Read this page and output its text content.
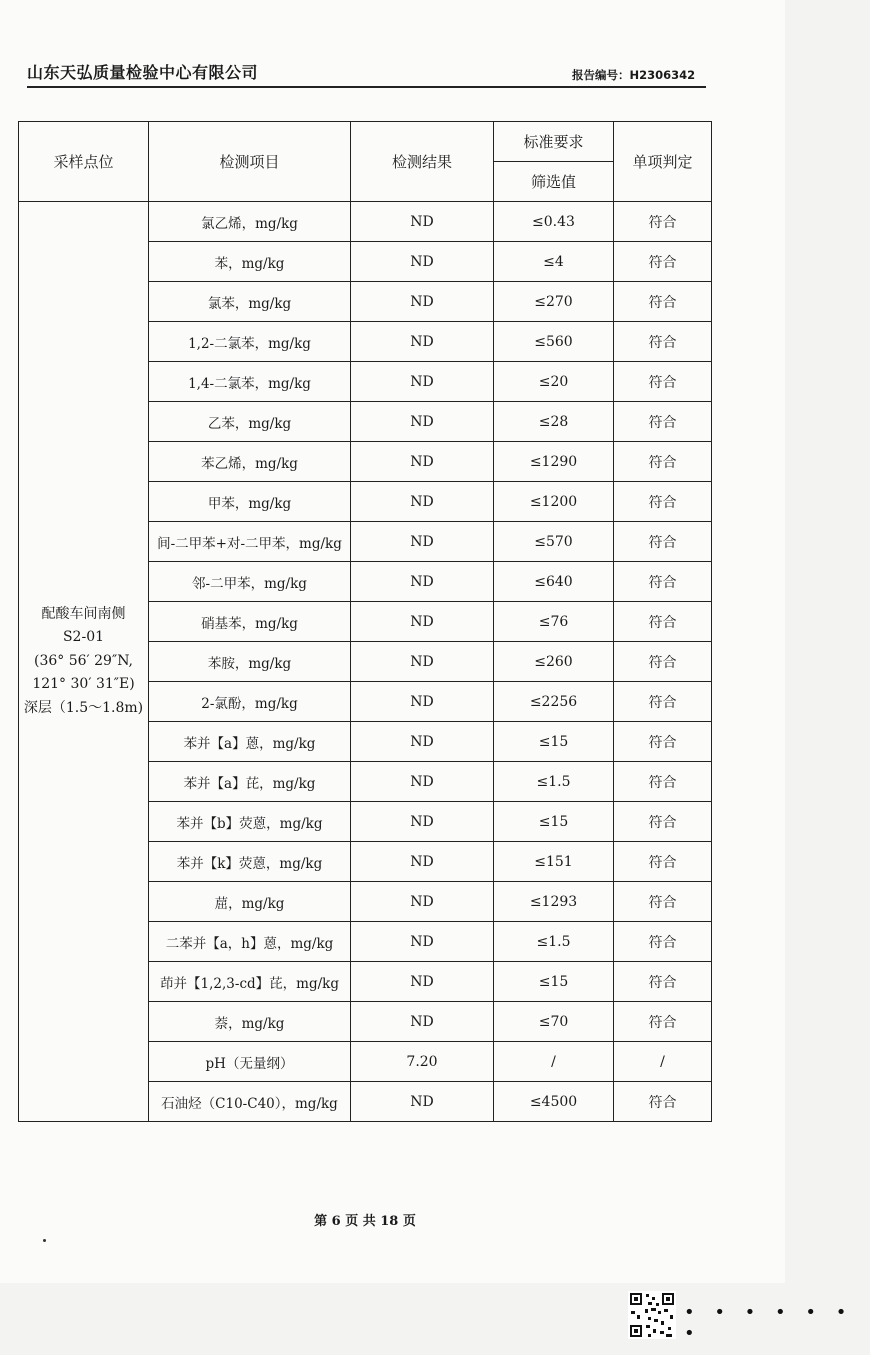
山东天弘质量检验中心有限公司	报告编号：H2306342
采样点位	检测项目	检测结果	标准要求	单项判定
			筛选值	

配酸车间南侧
S2-01
(36° 56′ 29″N,
121° 30′ 31″E)
深层（1.5～1.8m)	氯乙烯，mg/kg	ND	≤0.43	符合
	苯，mg/kg	ND	≤4	符合
	氯苯，mg/kg	ND	≤270	符合
	1,2-二氯苯，mg/kg	ND	≤560	符合
	1,4-二氯苯，mg/kg	ND	≤20	符合
	乙苯，mg/kg	ND	≤28	符合
	苯乙烯，mg/kg	ND	≤1290	符合
	甲苯，mg/kg	ND	≤1200	符合
	间-二甲苯+对-二甲苯，mg/kg	ND	≤570	符合
	邻-二甲苯，mg/kg	ND	≤640	符合
	硝基苯，mg/kg	ND	≤76	符合
	苯胺，mg/kg	ND	≤260	符合
	2-氯酚，mg/kg	ND	≤2256	符合
	苯并【a】蒽，mg/kg	ND	≤15	符合
	苯并【a】芘，mg/kg	ND	≤1.5	符合
	苯并【b】荧蒽，mg/kg	ND	≤15	符合
	苯并【k】荧蒽，mg/kg	ND	≤151	符合
	䓛，mg/kg	ND	≤1293	符合
	二苯并【a，h】蒽，mg/kg	ND	≤1.5	符合
	茚并【1,2,3-cd】芘，mg/kg	ND	≤15	符合
	萘，mg/kg	ND	≤70	符合
	pH（无量纲）	7.20	/	/
	石油烃（C10-C40），mg/kg	ND	≤4500	符合
第 6 页 共 18 页
• • • • • • •
